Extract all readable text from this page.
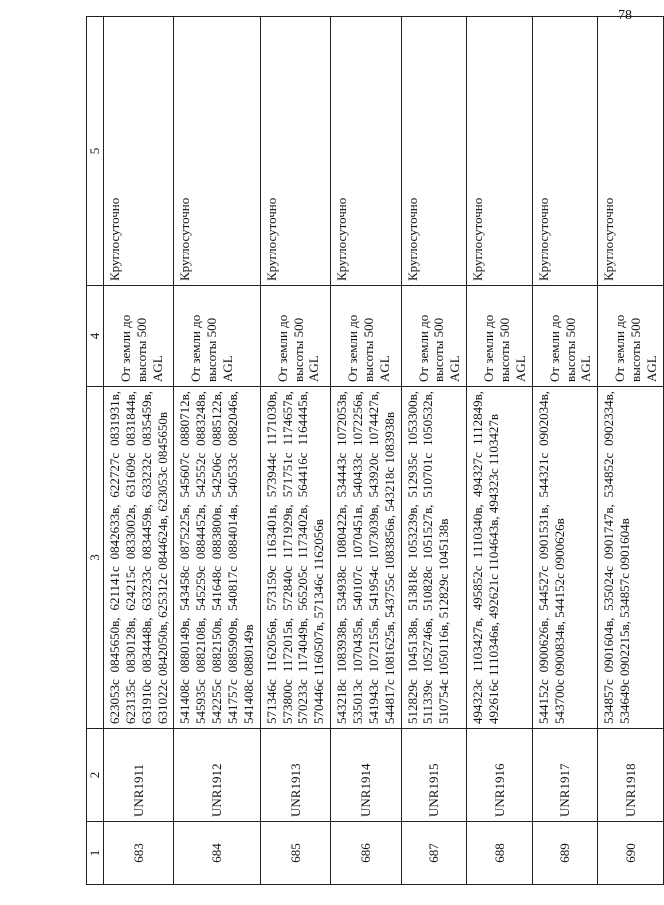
78
1	2	3	4	5
683	UNR1911	623053c 0845650в, 621141c 0842633в, 622727c 0831931в, 623135c 0830128в, 624215c 0833002в, 631609c 0831844в, 631910c 0834448в, 633233c 0834459в, 633232c 0835459в, 631022c 0842050в, 625312c 0844624в, 623053c 0845650в	От земли до высоты 500 AGL	Круглосуточно
684	UNR1912	541408c 0880149в, 543458c 0875225в, 545607c 0880712в, 545935c 0882108в, 545259c 0884452в, 542552c 0883248в, 542255c 0882150в, 541648c 0883800в, 542506c 0885122в, 541757c 0885909в, 540817c 0884014в, 540533c 0882046в, 541408c 0880149в	От земли до высоты 500 AGL	Круглосуточно
685	UNR1913	571346c 1162056в, 573159c 1163401в, 573944c 1171030в, 573800c 1172015в, 572840c 1171929в, 571751c 1174657в, 570233c 1174049в, 565205c 1173402в, 564416c 1164445в, 570446c 1160507в, 571346c 1162056в	От земли до высоты 500 AGL	Круглосуточно
686	UNR1914	543218c 1083938в, 534938c 1080422в, 534443c 1072053в, 535013c 1070435в, 540107c 1070451в, 540433c 1072256в, 541943c 1072155в, 541954c 1073039в, 543920c 1074427в, 544817c 1081625в, 543755c 1083856в, 543218c 1083938в	От земли до высоты 500 AGL	Круглосуточно
687	UNR1915	512829c 1045138в, 513818c 1053239в, 512935c 1053300в, 511339c 1052746в, 510828c 1051527в, 510701c 1050532в, 510754c 1050116в, 512829c 1045138в	От земли до высоты 500 AGL	Круглосуточно
688	UNR1916	494323c 1103427в, 495852c 1110340в, 494327c 1112849в, 492616c 1110346в, 492621c 1104643в, 494323c 1103427в	От земли до высоты 500 AGL	Круглосуточно
689	UNR1917	544152c 0900626в, 544527c 0901531в, 544321c 0902034в, 543700c 0900834в, 544152c 0900626в	От земли до высоты 500 AGL	Круглосуточно
690	UNR1918	534857c 0901604в, 535024c 0901747в, 534852c 0902334в, 534649c 0902215в, 534857c 0901604в	От земли до высоты 500 AGL	Круглосуточно
